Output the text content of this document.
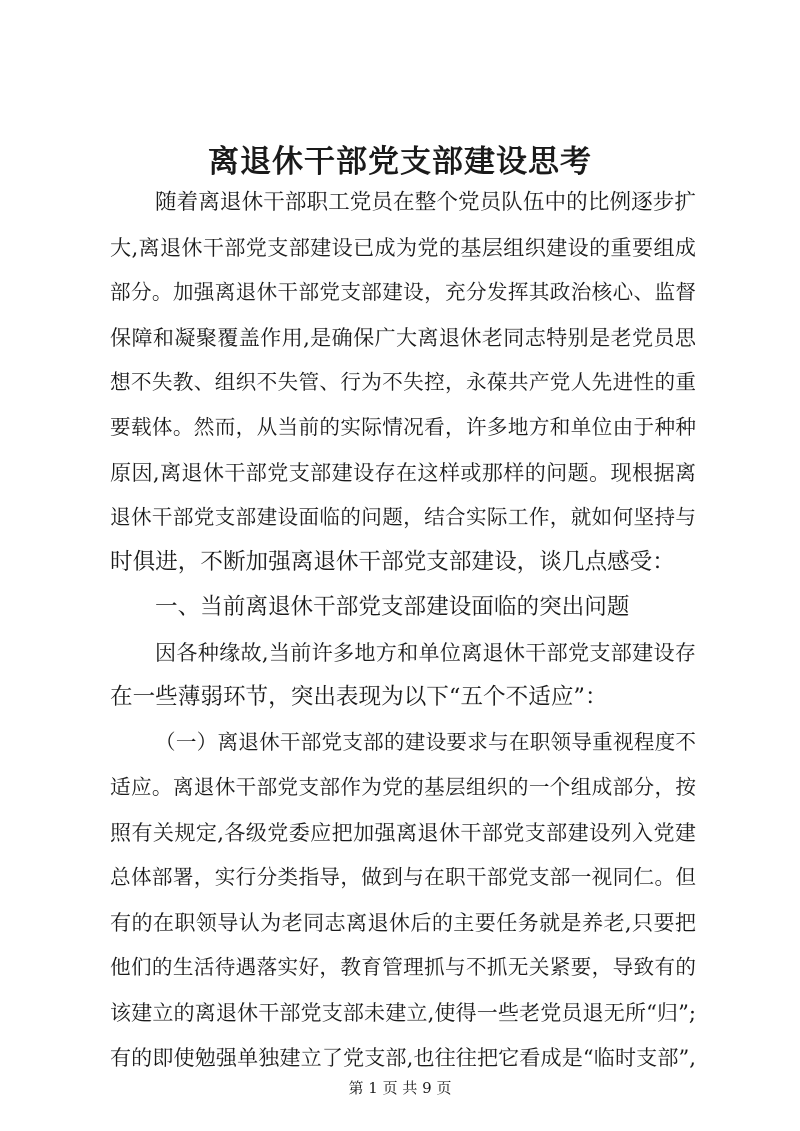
离退休干部党支部建设思考
随着离退休干部职工党员在整个党员队伍中的比例逐步扩
大,离退休干部党支部建设已成为党的基层组织建设的重要组成
部分。加强离退休干部党支部建设，充分发挥其政治核心、监督
保障和凝聚覆盖作用,是确保广大离退休老同志特别是老党员思
想不失教、组织不失管、行为不失控，永葆共产党人先进性的重
要载体。然而，从当前的实际情况看，许多地方和单位由于种种
原因,离退休干部党支部建设存在这样或那样的问题。现根据离
退休干部党支部建设面临的问题，结合实际工作，就如何坚持与
时俱进，不断加强离退休干部党支部建设，谈几点感受：
一、当前离退休干部党支部建设面临的突出问题
因各种缘故,当前许多地方和单位离退休干部党支部建设存
在一些薄弱环节，突出表现为以下“五个不适应”：
（一）离退休干部党支部的建设要求与在职领导重视程度不
适应。离退休干部党支部作为党的基层组织的一个组成部分，按
照有关规定,各级党委应把加强离退休干部党支部建设列入党建
总体部署，实行分类指导，做到与在职干部党支部一视同仁。但
有的在职领导认为老同志离退休后的主要任务就是养老,只要把
他们的生活待遇落实好，教育管理抓与不抓无关紧要，导致有的
该建立的离退休干部党支部未建立,使得一些老党员退无所“归”;
有的即使勉强单独建立了党支部,也往往把它看成是“临时支部”,
第 1 页 共 9 页
